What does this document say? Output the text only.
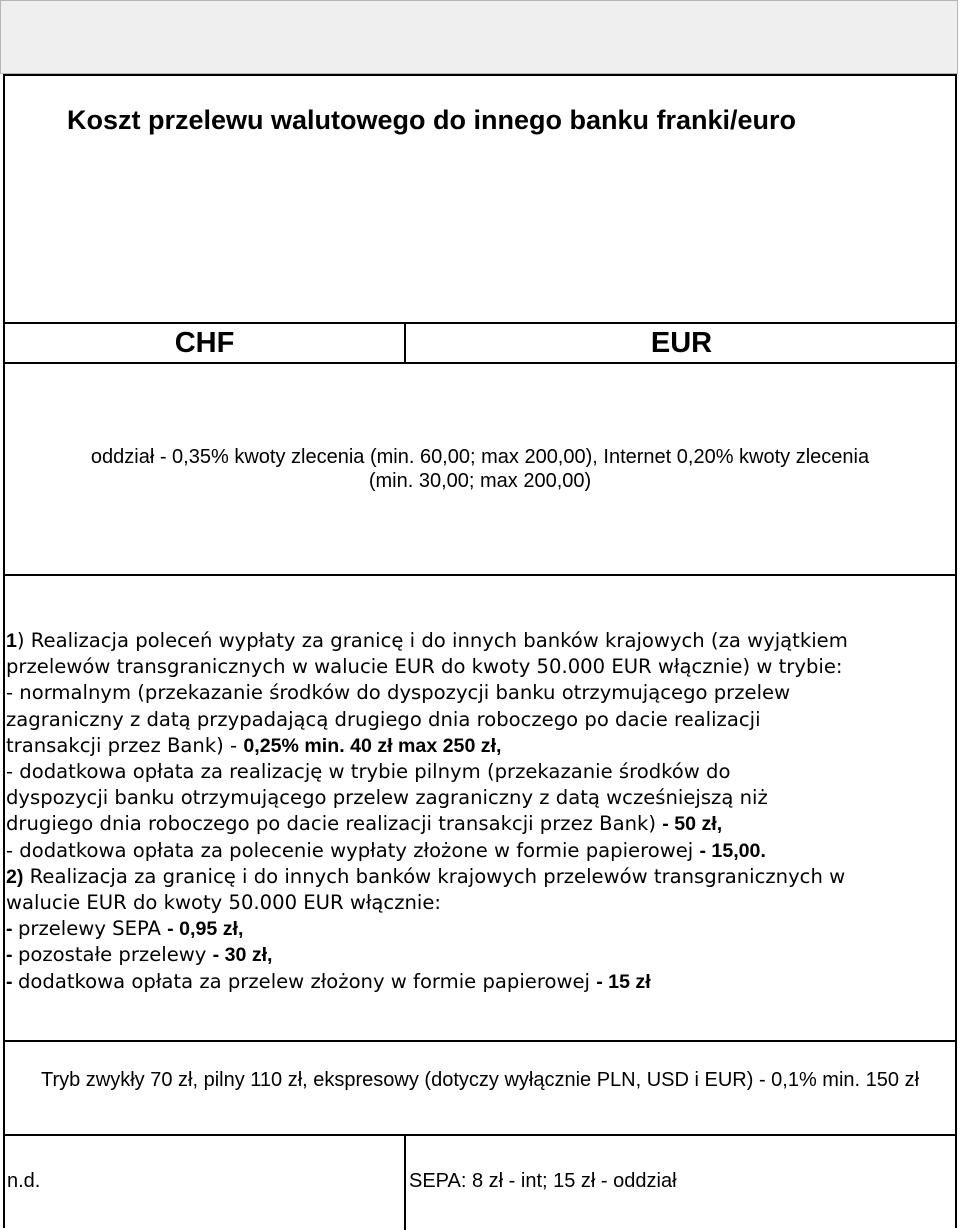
Koszt przelewu walutowego do innego banku franki/euro
CHF	EUR
oddział - 0,35% kwoty zlecenia (min. 60,00; max 200,00), Internet 0,20% kwoty zlecenia
(min. 30,00; max 200,00)
1) Realizacja poleceń wypłaty za granicę i do innych banków krajowych (za wyjątkiem
przelewów transgranicznych w walucie EUR do kwoty 50.000 EUR włącznie) w trybie:
- normalnym (przekazanie środków do dyspozycji banku otrzymującego przelew
zagraniczny z datą przypadającą drugiego dnia roboczego po dacie realizacji
transakcji przez Bank) - 0,25% min. 40 zł max 250 zł,
- dodatkowa opłata za realizację w trybie pilnym (przekazanie środków do
dyspozycji banku otrzymującego przelew zagraniczny z datą wcześniejszą niż
drugiego dnia roboczego po dacie realizacji transakcji przez Bank) - 50 zł,
- dodatkowa opłata za polecenie wypłaty złożone w formie papierowej - 15,00.
2) Realizacja za granicę i do innych banków krajowych przelewów transgranicznych w
walucie EUR do kwoty 50.000 EUR włącznie:
- przelewy SEPA - 0,95 zł,
- pozostałe przelewy - 30 zł,
- dodatkowa opłata za przelew złożony w formie papierowej - 15 zł
Tryb zwykły 70 zł, pilny 110 zł, ekspresowy (dotyczy wyłącznie PLN, USD i EUR) - 0,1% min. 150 zł
n.d.	SEPA: 8 zł - int; 15 zł - oddział
